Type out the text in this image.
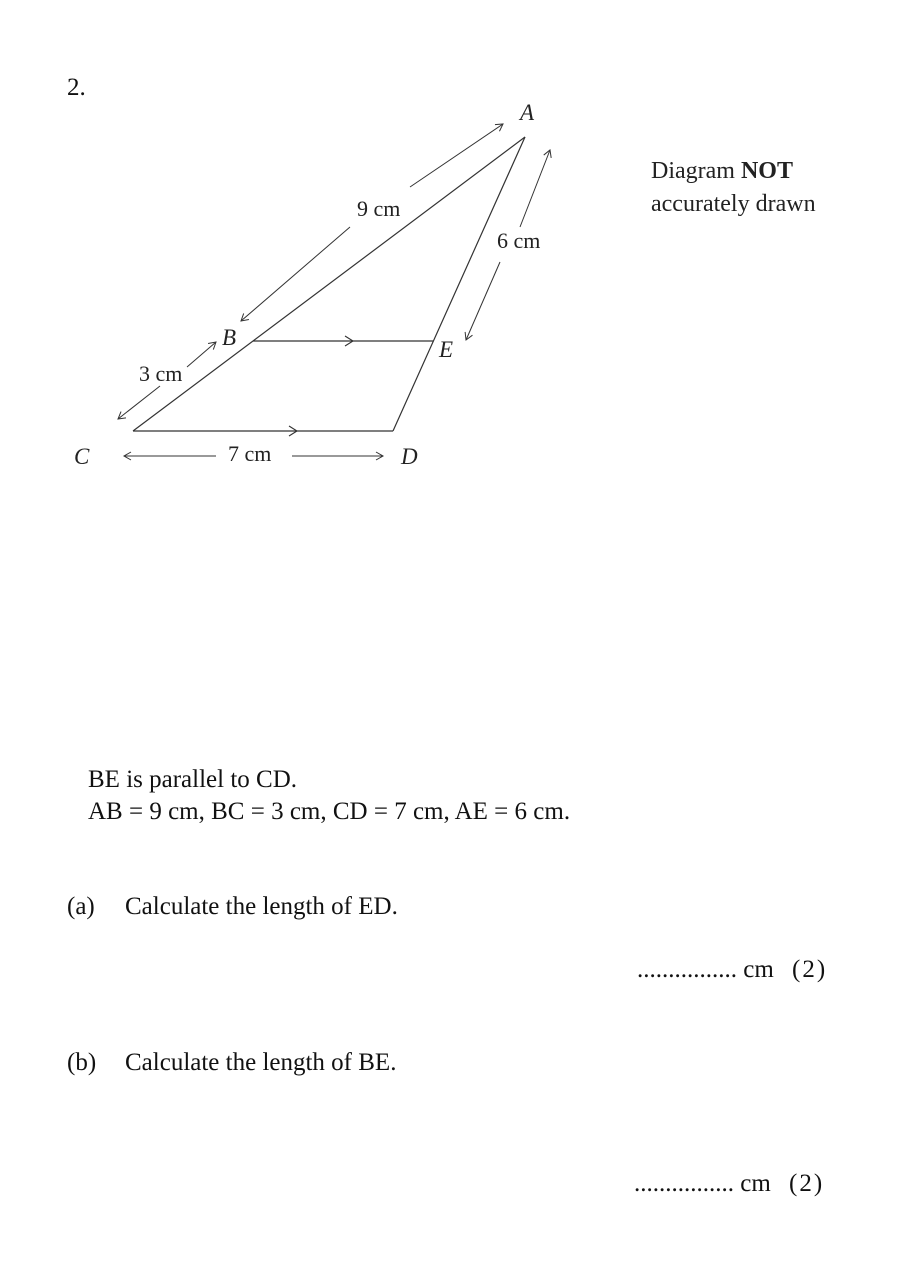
2.
A
B
C	D
E
9 cm
6 cm
3 cm
7 cm
Diagram NOT
accurately drawn
BE is parallel to CD.
AB = 9 cm, BC = 3 cm, CD = 7 cm, AE = 6 cm.
(a) Calculate the length of ED.
................ cm (2)
(b) Calculate the length of BE.
................ cm (2)
